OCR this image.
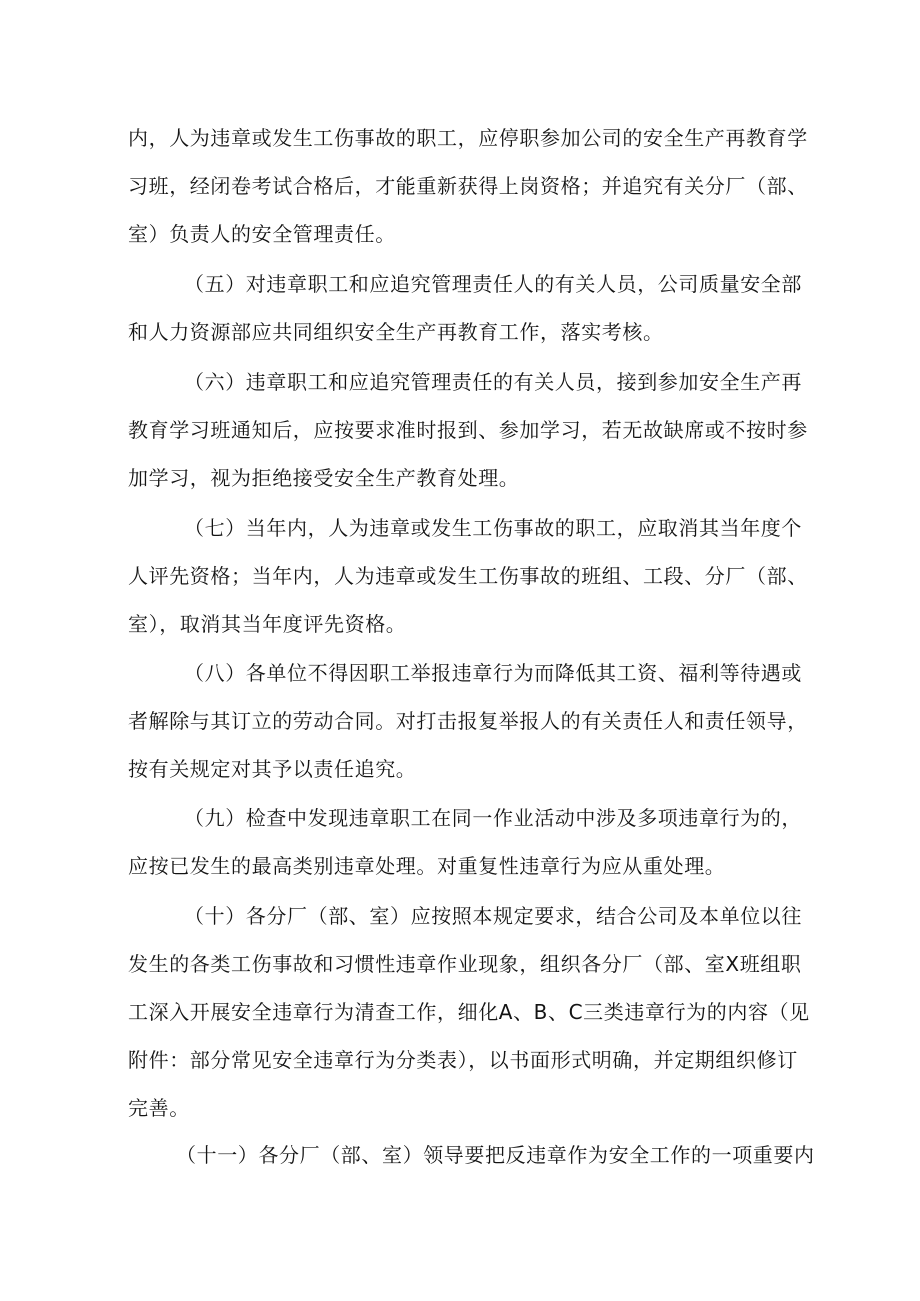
内，人为违章或发生工伤事故的职工，应停职参加公司的安全生产再教育学
习班，经闭卷考试合格后，才能重新获得上岗资格；并追究有关分厂（部、
室）负责人的安全管理责任。
（五）对违章职工和应追究管理责任人的有关人员，公司质量安全部
和人力资源部应共同组织安全生产再教育工作，落实考核。
（六）违章职工和应追究管理责任的有关人员，接到参加安全生产再
教育学习班通知后，应按要求准时报到、参加学习，若无故缺席或不按时参
加学习，视为拒绝接受安全生产教育处理。
（七）当年内，人为违章或发生工伤事故的职工，应取消其当年度个
人评先资格；当年内，人为违章或发生工伤事故的班组、工段、分厂（部、
室），取消其当年度评先资格。
（八）各单位不得因职工举报违章行为而降低其工资、福利等待遇或
者解除与其订立的劳动合同。对打击报复举报人的有关责任人和责任领导，
按有关规定对其予以责任追究。
（九）检查中发现违章职工在同一作业活动中涉及多项违章行为的，
应按已发生的最高类别违章处理。对重复性违章行为应从重处理。
（十）各分厂（部、室）应按照本规定要求，结合公司及本单位以往
发生的各类工伤事故和习惯性违章作业现象，组织各分厂（部、室X班组职
工深入开展安全违章行为清查工作，细化A、B、C三类违章行为的内容（见
附件：部分常见安全违章行为分类表），以书面形式明确，并定期组织修订
完善。
（十一）各分厂（部、室）领导要把反违章作为安全工作的一项重要内
